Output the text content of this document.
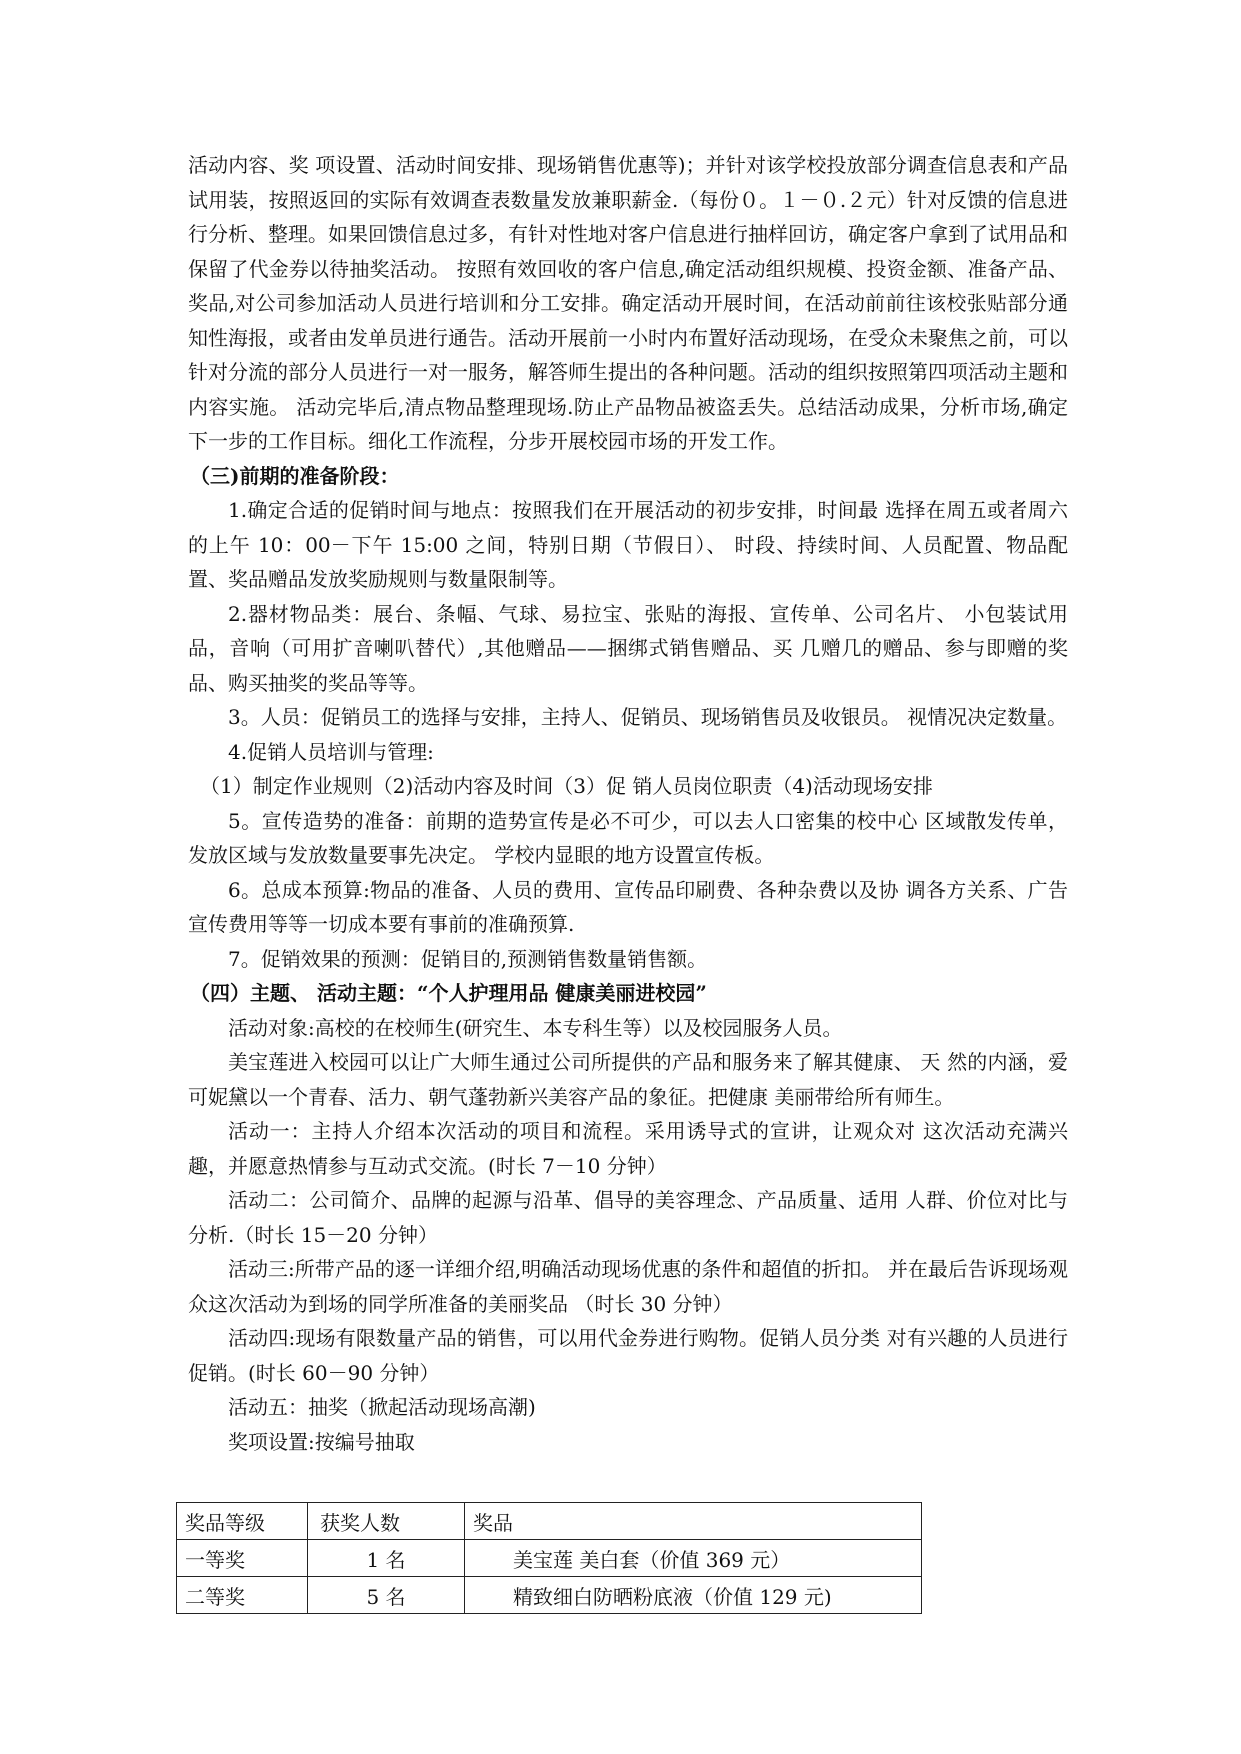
活动内容、奖 项设置、活动时间安排、现场销售优惠等)；并针对该学校投放部分调查信息表和产品试用装，按照返回的实际有效调查表数量发放兼职薪金.（每份０。１－０.２元）针对反馈的信息进行分析、整理。如果回馈信息过多，有针对性地对客户信息进行抽样回访，确定客户拿到了试用品和保留了代金券以待抽奖活动。 按照有效回收的客户信息,确定活动组织规模、投资金额、准备产品、奖品,对公司参加活动人员进行培训和分工安排。确定活动开展时间，在活动前前往该校张贴部分通知性海报，或者由发单员进行通告。活动开展前一小时内布置好活动现场，在受众未聚焦之前，可以针对分流的部分人员进行一对一服务，解答师生提出的各种问题。活动的组织按照第四项活动主题和内容实施。 活动完毕后,清点物品整理现场.防止产品物品被盗丢失。总结活动成果，分析市场,确定下一步的工作目标。细化工作流程，分步开展校园市场的开发工作。

（三)前期的准备阶段：

1.确定合适的促销时间与地点：按照我们在开展活动的初步安排，时间最 选择在周五或者周六的上午 10：00－下午 15:00 之间，特别日期（节假日）、 时段、持续时间、人员配置、物品配置、奖品赠品发放奖励规则与数量限制等。

2.器材物品类：展台、条幅、气球、易拉宝、张贴的海报、宣传单、公司名片、 小包装试用品，音响（可用扩音喇叭替代）,其他赠品——捆绑式销售赠品、买 几赠几的赠品、参与即赠的奖品、购买抽奖的奖品等等。

3。人员：促销员工的选择与安排，主持人、促销员、现场销售员及收银员。 视情况决定数量。

4.促销人员培训与管理:

（1）制定作业规则（2)活动内容及时间（3）促 销人员岗位职责（4)活动现场安排

5。宣传造势的准备：前期的造势宣传是必不可少，可以去人口密集的校中心 区域散发传单， 发放区域与发放数量要事先决定。 学校内显眼的地方设置宣传板。

6。总成本预算:物品的准备、人员的费用、宣传品印刷费、各种杂费以及协 调各方关系、广告宣传费用等等一切成本要有事前的准确预算.

7。促销效果的预测：促销目的,预测销售数量销售额。

（四）主题、 活动主题：“个人护理用品 健康美丽进校园”

活动对象:高校的在校师生(研究生、本专科生等）以及校园服务人员。

美宝莲进入校园可以让广大师生通过公司所提供的产品和服务来了解其健康、 天 然的内涵，爱可妮黛以一个青春、活力、朝气蓬勃新兴美容产品的象征。把健康 美丽带给所有师生。

活动一：主持人介绍本次活动的项目和流程。采用诱导式的宣讲，让观众对 这次活动充满兴趣，并愿意热情参与互动式交流。(时长 7－10 分钟）

活动二：公司简介、品牌的起源与沿革、倡导的美容理念、产品质量、适用 人群、价位对比与分析.（时长 15－20 分钟）

活动三:所带产品的逐一详细介绍,明确活动现场优惠的条件和超值的折扣。 并在最后告诉现场观众这次活动为到场的同学所准备的美丽奖品 （时长 30 分钟）

活动四:现场有限数量产品的销售，可以用代金券进行购物。促销人员分类 对有兴趣的人员进行促销。(时长 60－90 分钟）

活动五：抽奖（掀起活动现场高潮)

奖项设置:按编号抽取

奖品等级	获奖人数	奖品
一等奖	1 名	美宝莲 美白套（价值 369 元）
二等奖	5 名	精致细白防晒粉底液（价值 129 元)
